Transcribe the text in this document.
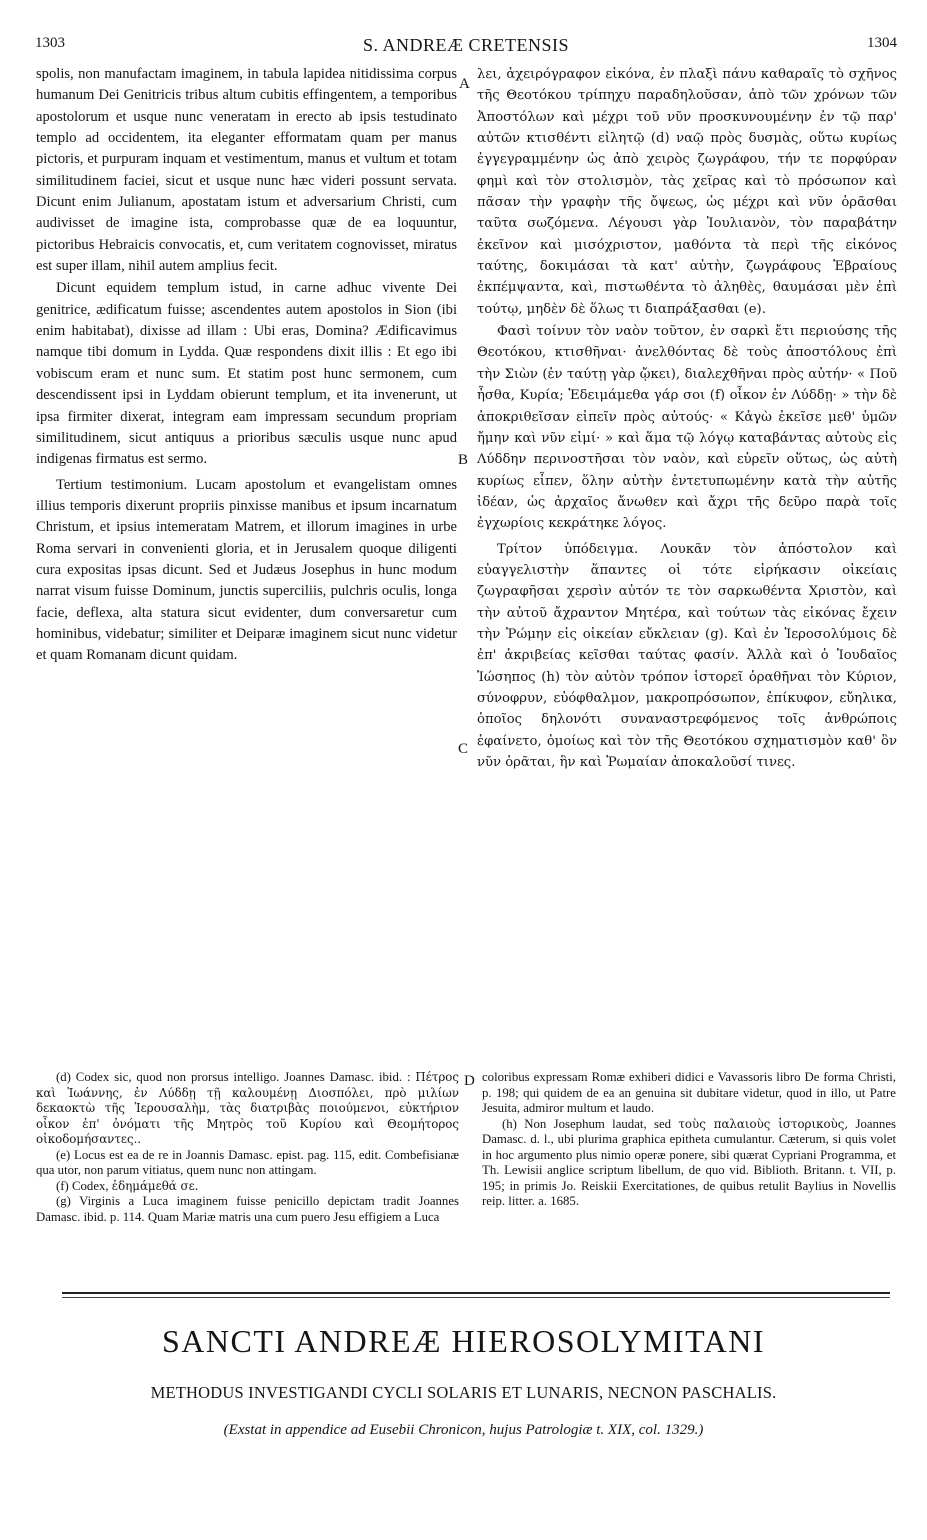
1303	S. ANDREÆ CRETENSIS	1304

spolis, non manufactam imaginem, in tabula lapidea nitidissima corpus humanum Dei Genitricis tribus altum cubitis effingentem, a temporibus apostolorum et usque nunc veneratam in erecto ab ipsis testudinato templo ad occidentem, ita eleganter efformatam quam per manus pictoris, et purpuram inquam et vestimentum, manus et vultum et totam similitudinem faciei, sicut et usque nunc hæc videri possunt servata. Dicunt enim Julianum, apostatam istum et adversarium Christi, cum audivisset de imagine ista, comprobasse quæ de ea loquuntur, pictoribus Hebraicis convocatis, et, cum veritatem cognovisset, miratus est super illam, nihil autem amplius fecit.

Dicunt equidem templum istud, in carne adhuc vivente Dei genitrice, ædificatum fuisse; ascendentes autem apostolos in Sion (ibi enim habitabat), dixisse ad illam : Ubi eras, Domina? Ædificavimus namque tibi domum in Lydda. Quæ respondens dixit illis : Et ego ibi vobiscum eram et nunc sum. Et statim post hunc sermonem, cum descendissent ipsi in Lyddam obierunt templum, et ita invenerunt, ut ipsa firmiter dixerat, integram eam impressam secundum propriam similitudinem, sicut antiquus a prioribus sæculis usque nunc apud indigenas firmatus est sermo.

Tertium testimonium. Lucam apostolum et evangelistam omnes illius temporis dixerunt propriis pinxisse manibus et ipsum incarnatum Christum, et ipsius intemeratam Matrem, et illorum imagines in urbe Roma servari in convenienti gloria, et in Jerusalem quoque diligenti cura expositas ipsas dicunt. Sed et Judæus Josephus in hunc modum narrat visum fuisse Dominum, junctis superciliis, pulchris oculis, longa facie, deflexa, alta statura sicut evidenter, dum conversaretur cum hominibus, videbatur; similiter et Deiparæ imaginem sicut nunc videtur et quam Romanam dicunt quidam.

A
B
C
D

λει, ἀχειρόγραφον εἰκόνα, ἐν πλαξὶ πάνυ καθαραῖς τὸ σχῆνος τῆς Θεοτόκου τρίπηχυ παραδηλοῦσαν, ἀπὸ τῶν χρόνων τῶν Ἀποστόλων καὶ μέχρι τοῦ νῦν προσκυνουμένην ἐν τῷ παρ' αὐτῶν κτισθέντι εἰλητῷ (d) ναῷ πρὸς δυσμὰς, οὕτω κυρίως ἐγγεγραμμένην ὡς ἀπὸ χειρὸς ζωγράφου, τήν τε πορφύραν φημὶ καὶ τὸν στολισμὸν, τὰς χεῖρας καὶ τὸ πρόσωπον καὶ πᾶσαν τὴν γραφὴν τῆς ὄψεως, ὡς μέχρι καὶ νῦν ὁρᾶσθαι ταῦτα σωζόμενα. Λέγουσι γὰρ Ἰουλιανὸν, τὸν παραβάτην ἐκεῖνον καὶ μισόχριστον, μαθόντα τὰ περὶ τῆς εἰκόνος ταύτης, δοκιμάσαι τὰ κατ' αὐτὴν, ζωγράφους Ἑβραίους ἐκπέμψαντα, καὶ, πιστωθέντα τὸ ἀληθὲς, θαυμάσαι μὲν ἐπὶ τούτῳ, μηδὲν δὲ ὅλως τι διαπράξασθαι (e).

Φασὶ τοίνυν τὸν ναὸν τοῦτον, ἐν σαρκὶ ἔτι περιούσης τῆς Θεοτόκου, κτισθῆναι· ἀνελθόντας δὲ τοὺς ἀποστόλους ἐπὶ τὴν Σιὼν (ἐν ταύτῃ γὰρ ᾤκει), διαλεχθῆναι πρὸς αὐτήν· « Ποῦ ἦσθα, Κυρία; Ἐδειμάμεθα γάρ σοι (f) οἶκον ἐν Λύδδῃ· » τὴν δὲ ἀποκριθεῖσαν εἰπεῖν πρὸς αὐτούς· « Κἀγὼ ἐκεῖσε μεθ' ὑμῶν ἤμην καὶ νῦν εἰμί· » καὶ ἅμα τῷ λόγῳ καταβάντας αὐτοὺς εἰς Λύδδην περινοστῆσαι τὸν ναὸν, καὶ εὑρεῖν οὕτως, ὡς αὐτὴ κυρίως εἶπεν, ὅλην αὐτὴν ἐντετυπωμένην κατὰ τὴν αὐτῆς ἰδέαν, ὡς ἀρχαῖος ἄνωθεν καὶ ἄχρι τῆς δεῦρο παρὰ τοῖς ἐγχωρίοις κεκράτηκε λόγος.

Τρίτον ὑπόδειγμα. Λουκᾶν τὸν ἀπόστολον καὶ εὐαγγελιστὴν ἅπαντες οἱ τότε εἰρήκασιν οἰκείαις ζωγραφῆσαι χερσὶν αὐτόν τε τὸν σαρκωθέντα Χριστὸν, καὶ τὴν αὐτοῦ ἄχραντον Μητέρα, καὶ τούτων τὰς εἰκόνας ἔχειν τὴν Ῥώμην εἰς οἰκείαν εὔκλειαν (g). Καὶ ἐν Ἱεροσολύμοις δὲ ἐπ' ἀκριβείας κεῖσθαι ταύτας φασίν. Ἀλλὰ καὶ ὁ Ἰουδαῖος Ἰώσηπος (h) τὸν αὐτὸν τρόπον ἱστορεῖ ὁραθῆναι τὸν Κύριον, σύνοφρυν, εὐόφθαλμον, μακροπρόσωπον, ἐπίκυφον, εὔηλικα, ὁποῖος δηλονότι συναναστρεφόμενος τοῖς ἀνθρώποις ἐφαίνετο, ὁμοίως καὶ τὸν τῆς Θεοτόκου σχηματισμὸν καθ' ὃν νῦν ὁρᾶται, ἣν καὶ Ῥωμαίαν ἀποκαλοῦσί τινες.

(d) Codex sic, quod non prorsus intelligo. Joannes Damasc. ibid. : Πέτρος καὶ Ἰωάννης, ἐν Λύδδῃ τῇ καλουμένῃ Διοσπόλει, πρὸ μιλίων δεκαοκτὼ τῆς Ἱερουσαλὴμ, τὰς διατριβὰς ποιούμενοι, εὐκτήριον οἶκον ἐπ' ὀνόματι τῆς Μητρὸς τοῦ Κυρίου καὶ Θεομήτορος οἰκοδομήσαντες..

(e) Locus est ea de re in Joannis Damasc. epist. pag. 115, edit. Combefisianæ qua utor, non parum vitiatus, quem nunc non attingam.

(f) Codex, ἐδημάμεθά σε.

(g) Virginis a Luca imaginem fuisse penicillo depictam tradit Joannes Damasc. ibid. p. 114. Quam Mariæ matris una cum puero Jesu effigiem a Luca

coloribus expressam Romæ exhiberi didici e Vavassoris libro De forma Christi, p. 198; qui quidem de ea an genuina sit dubitare videtur, quod in illo, ut Patre Jesuita, admiror multum et laudo.

(h) Non Josephum laudat, sed τοὺς παλαιοὺς ἱστορικοὺς, Joannes Damasc. d. l., ubi plurima graphica epitheta cumulantur. Cæterum, si quis volet in hoc argumento plus nimio operæ ponere, sibi quærat Cypriani Programma, et Th. Lewisii anglice scriptum libellum, de quo vid. Biblioth. Britann. t. VII, p. 195; in primis Jo. Reiskii Exercitationes, de quibus retulit Baylius in Novellis reip. litter. a. 1685.

SANCTI ANDREÆ HIEROSOLYMITANI
METHODUS INVESTIGANDI CYCLI SOLARIS ET LUNARIS, NECNON PASCHALIS.
(Exstat in appendice ad Eusebii Chronicon, hujus Patrologiæ t. XIX, col. 1329.)
